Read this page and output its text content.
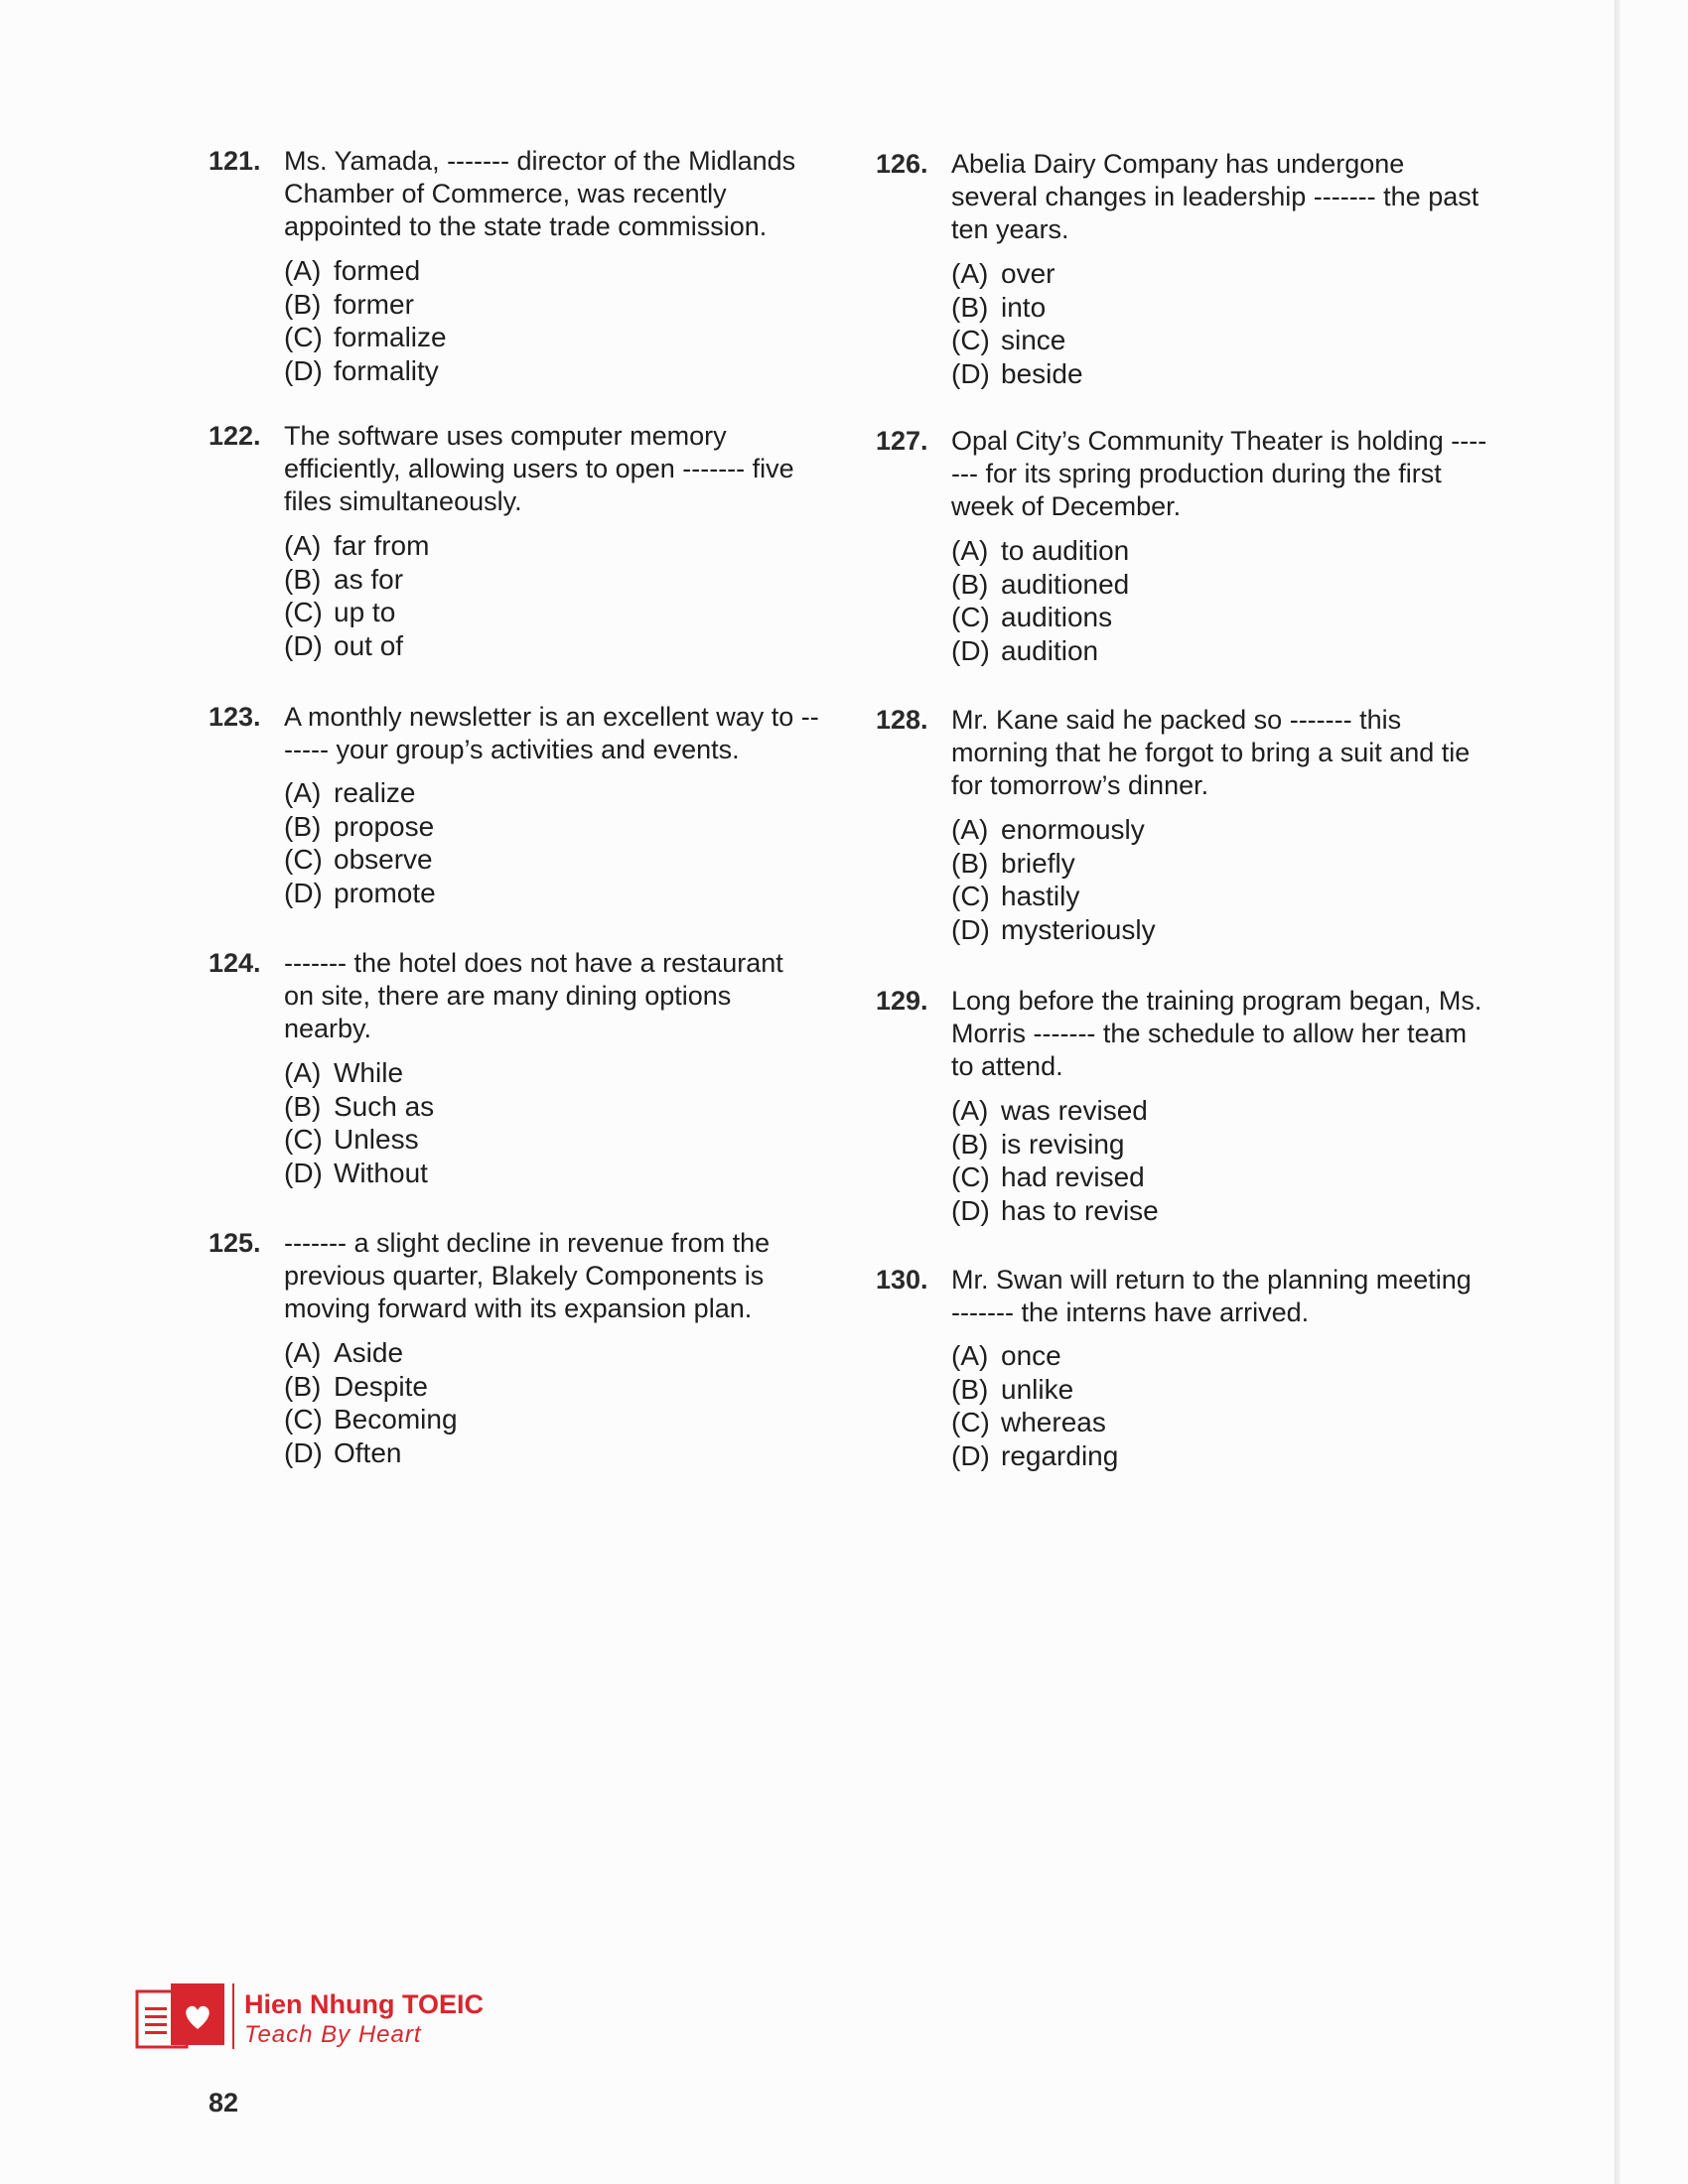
121. Ms. Yamada, ------- director of the Midlands Chamber of Commerce, was recently appointed to the state trade commission.

(A) formed
(B) former
(C) formalize
(D) formality
122. The software uses computer memory efficiently, allowing users to open ------- five files simultaneously.

(A) far from
(B) as for
(C) up to
(D) out of
123. A monthly newsletter is an excellent way to ------- your group’s activities and events.

(A) realize
(B) propose
(C) observe
(D) promote
124. ------- the hotel does not have a restaurant on site, there are many dining options nearby.

(A) While
(B) Such as
(C) Unless
(D) Without
125. ------- a slight decline in revenue from the previous quarter, Blakely Components is moving forward with its expansion plan.

(A) Aside
(B) Despite
(C) Becoming
(D) Often
126. Abelia Dairy Company has undergone several changes in leadership ------- the past ten years.

(A) over
(B) into
(C) since
(D) beside
127. Opal City’s Community Theater is holding ------- for its spring production during the first week of December.

(A) to audition
(B) auditioned
(C) auditions
(D) audition
128. Mr. Kane said he packed so ------- this morning that he forgot to bring a suit and tie for tomorrow’s dinner.

(A) enormously
(B) briefly
(C) hastily
(D) mysteriously
129. Long before the training program began, Ms. Morris ------- the schedule to allow her team to attend.

(A) was revised
(B) is revising
(C) had revised
(D) has to revise
130. Mr. Swan will return to the planning meeting ------- the interns have arrived.

(A) once
(B) unlike
(C) whereas
(D) regarding
Hien Nhung TOEIC
Teach By Heart
82
